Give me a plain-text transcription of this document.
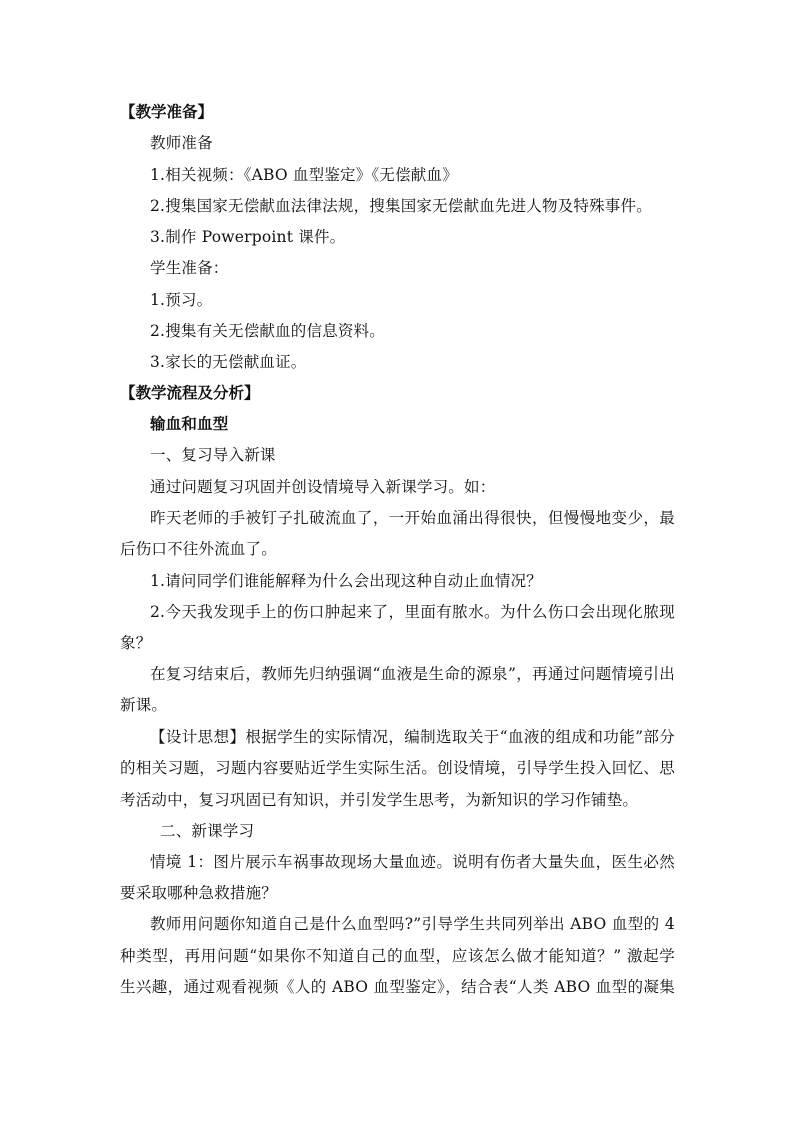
【教学准备】
教师准备
1.相关视频：《ABO 血型鉴定》《无偿献血》
2.搜集国家无偿献血法律法规，搜集国家无偿献血先进人物及特殊事件。
3.制作 Powerpoint 课件。
学生准备：
1.预习。
2.搜集有关无偿献血的信息资料。
3.家长的无偿献血证。
【教学流程及分析】
输血和血型
一、复习导入新课
通过问题复习巩固并创设情境导入新课学习。如：
昨天老师的手被钉子扎破流血了，一开始血涌出得很快，但慢慢地变少，最
后伤口不往外流血了。
1.请问同学们谁能解释为什么会出现这种自动止血情况？
2.今天我发现手上的伤口肿起来了，里面有脓水。为什么伤口会出现化脓现
象？
在复习结束后，教师先归纳强调“血液是生命的源泉”，再通过问题情境引出
新课。
【设计思想】根据学生的实际情况，编制选取关于“血液的组成和功能”部分
的相关习题，习题内容要贴近学生实际生活。创设情境，引导学生投入回忆、思
考活动中，复习巩固已有知识，并引发学生思考，为新知识的学习作铺垫。
二、新课学习
情境 1：图片展示车祸事故现场大量血迹。说明有伤者大量失血，医生必然
要采取哪种急救措施？
教师用问题你知道自己是什么血型吗?”引导学生共同列举出 ABO 血型的 4
种类型，再用问题“如果你不知道自己的血型，应该怎么做才能知道？” 激起学
生兴趣，通过观看视频《人的 ABO 血型鉴定》，结合表“人类 ABO 血型的凝集
